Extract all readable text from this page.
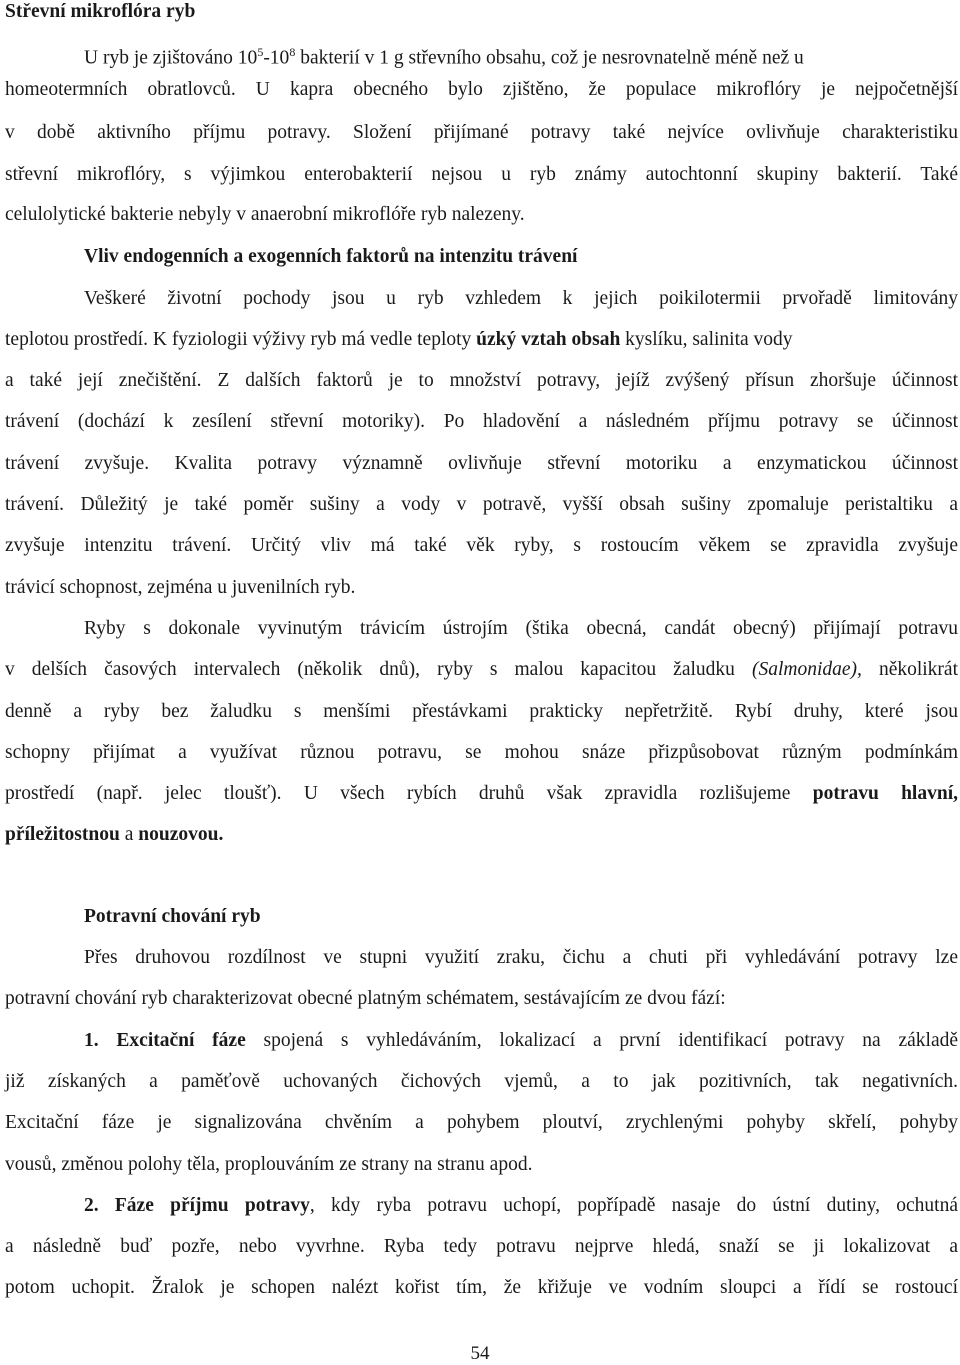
Střevní mikroflóra ryb
U ryb je zjištováno $10^5-10^8$ bakterií v 1 g střevního obsahu, což je nesrovnatelně méně než u
homeotermních obratlovců. U kapra obecného bylo zjištěno, že populace mikroflóry je nejpočetnější
v době aktivního příjmu potravy. Složení přijímané potravy také nejvíce ovlivňuje charakteristiku
střevní mikroflóry, s výjimkou enterobakterií nejsou u ryb známy autochtonní skupiny bakterií. Také
celulolytické bakterie nebyly v anaerobní mikroflóře ryb nalezeny.
Vliv endogenních a exogenních faktorů na intenzitu trávení
Veškeré životní pochody jsou u ryb vzhledem k jejich poikilotermii prvořadě limitovány
teplotou prostředí. K fyziologii výživy ryb má vedle teploty úzký vztah obsah kyslíku, salinita vody
a také její znečištění. Z dalších faktorů je to množství potravy, jejíž zvýšený přísun zhoršuje účinnost
trávení (dochází k zesílení střevní motoriky). Po hladovění a následném příjmu potravy se účinnost
trávení zvyšuje. Kvalita potravy významně ovlivňuje střevní motoriku a enzymatickou účinnost
trávení. Důležitý je také poměr sušiny a vody v potravě, vyšší obsah sušiny zpomaluje peristaltiku a
zvyšuje intenzitu trávení. Určitý vliv má také věk ryby, s rostoucím věkem se zpravidla zvyšuje
trávicí schopnost, zejména u juvenilních ryb.
Ryby s dokonale vyvinutým trávicím ústrojím (štika obecná, candát obecný) přijímají potravu
v delších časových intervalech (několik dnů), ryby s malou kapacitou žaludku (Salmonidae), několikrát
denně a ryby bez žaludku s menšími přestávkami prakticky nepřetržitě. Rybí druhy, které jsou
schopny přijímat a využívat různou potravu, se mohou snáze přizpůsobovat různým podmínkám
prostředí (např. jelec tloušť). U všech rybích druhů však zpravidla rozlišujeme potravu hlavní,
příležitostnou a nouzovou.
Potravní chování ryb
Přes druhovou rozdílnost ve stupni využití zraku, čichu a chuti při vyhledávání potravy lze
potravní chování ryb charakterizovat obecné platným schématem, sestávajícím ze dvou fází:
1. Excitační fáze spojená s vyhledáváním, lokalizací a první identifikací potravy na základě
již získaných a paměťově uchovaných čichových vjemů, a to jak pozitivních, tak negativních.
Excitační fáze je signalizována chvěním a pohybem ploutví, zrychlenými pohyby skřelí, pohyby
vousů, změnou polohy těla, proplouváním ze strany na stranu apod.
2. Fáze příjmu potravy, kdy ryba potravu uchopí, popřípadě nasaje do ústní dutiny, ochutná
a následně buď pozře, nebo vyvrhne. Ryba tedy potravu nejprve hledá, snaží se ji lokalizovat a
potom uchopit. Žralok je schopen nalézt kořist tím, že křižuje ve vodním sloupci a řídí se rostoucí
54
